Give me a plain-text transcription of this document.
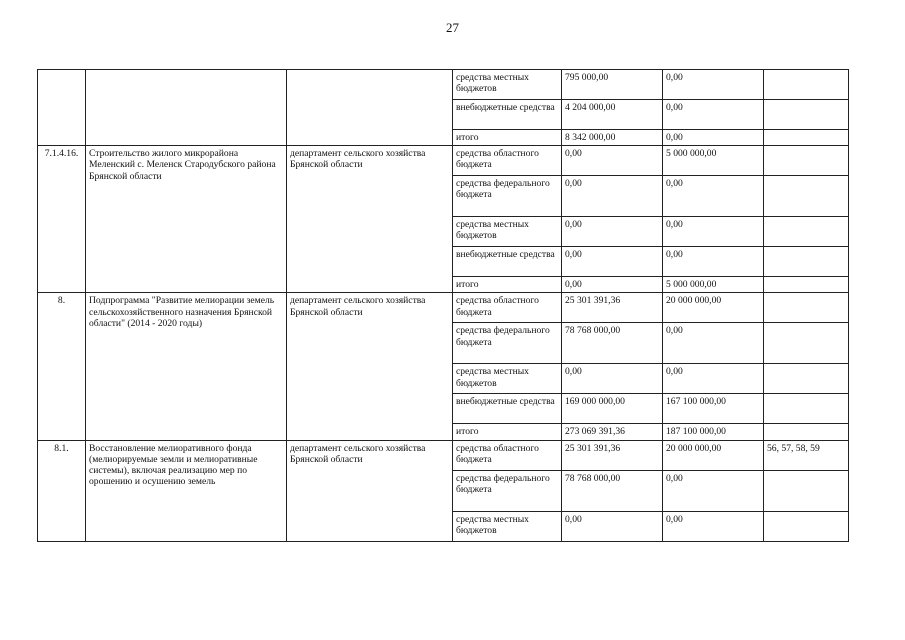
27
			средства местных бюджетов	795 000,00	0,00	
			внебюджетные средства	4 204 000,00	0,00	
			итого	8 342 000,00	0,00	

7.1.4.16.	Строительство жилого микрорайона Меленский с. Меленск Стародубского района Брянской области	департамент сельского хозяйства Брянской области	средства областного бюджета	0,00	5 000 000,00	
			средства федерального бюджета	0,00	0,00	
			средства местных бюджетов	0,00	0,00	
			внебюджетные средства	0,00	0,00	
			итого	0,00	5 000 000,00	

8.	Подпрограмма "Развитие мелиорации земель сельскохозяйственного назначения Брянской области" (2014 - 2020 годы)	департамент сельского хозяйства Брянской области	средства областного бюджета	25 301 391,36	20 000 000,00	
			средства федерального бюджета	78 768 000,00	0,00	
			средства местных бюджетов	0,00	0,00	
			внебюджетные средства	169 000 000,00	167 100 000,00	
			итого	273 069 391,36	187 100 000,00	

8.1.	Восстановление мелиоративного фонда (мелиорируемые земли и мелиоративные системы), включая реализацию мер по орошению и осушению земель	департамент сельского хозяйства Брянской области	средства областного бюджета	25 301 391,36	20 000 000,00	56, 57, 58, 59
			средства федерального бюджета	78 768 000,00	0,00	
			средства местных бюджетов	0,00	0,00	
